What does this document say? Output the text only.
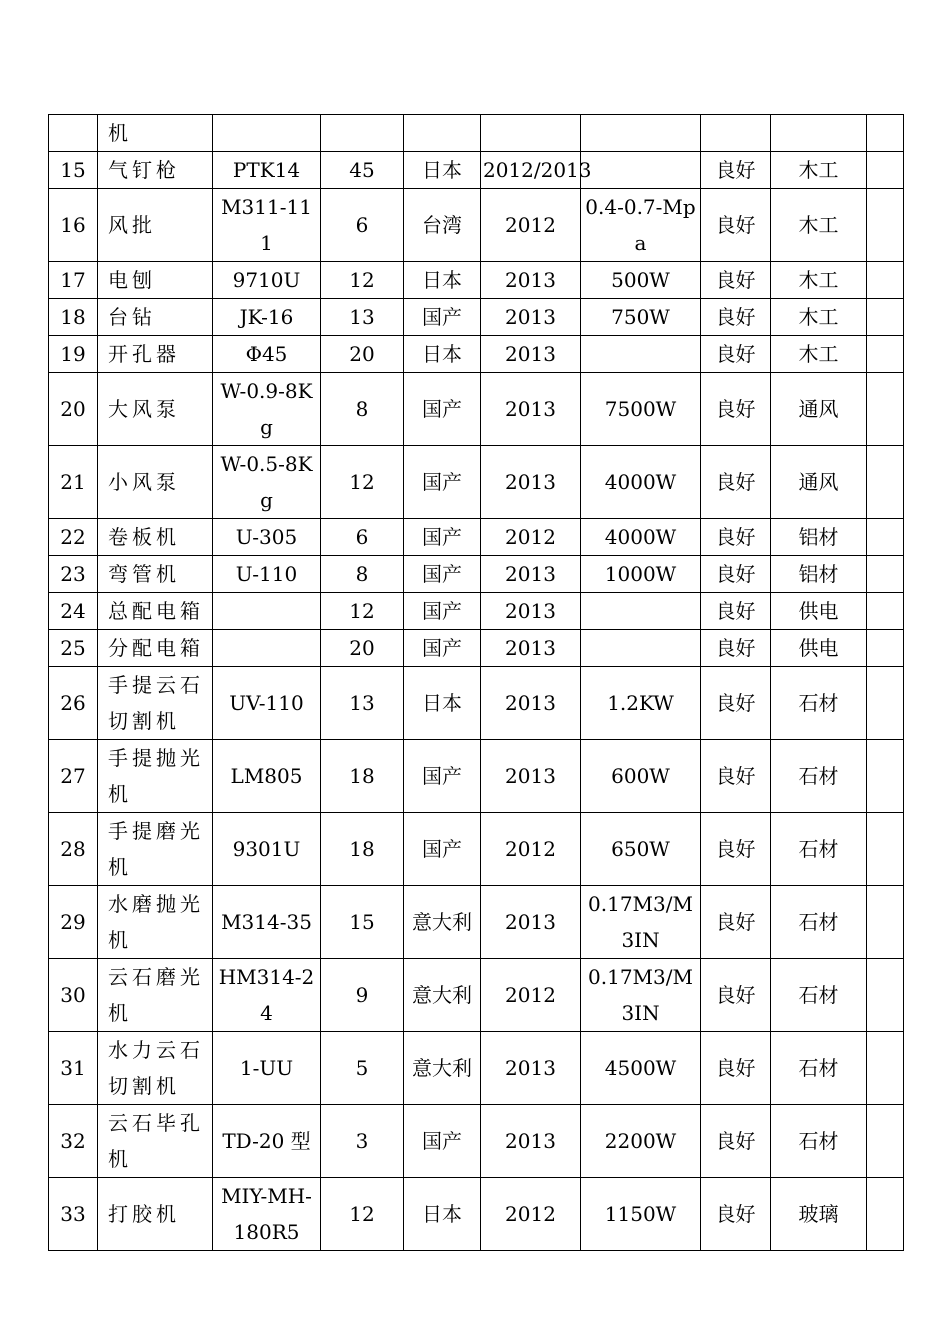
	机								
15	气钉枪	PTK14	45	日本	2012/2013		良好	木工	
16	风批	M311-111	6	台湾	2012	0.4-0.7-Mpa	良好	木工	
17	电刨	9710U	12	日本	2013	500W	良好	木工	
18	台钻	JK-16	13	国产	2013	750W	良好	木工	
19	开孔器	Φ45	20	日本	2013		良好	木工	
20	大风泵	W-0.9-8Kg	8	国产	2013	7500W	良好	通风	
21	小风泵	W-0.5-8Kg	12	国产	2013	4000W	良好	通风	
22	卷板机	U-305	6	国产	2012	4000W	良好	铝材	
23	弯管机	U-110	8	国产	2013	1000W	良好	铝材	
24	总配电箱		12	国产	2013		良好	供电	
25	分配电箱		20	国产	2013		良好	供电	
26	手提云石切割机	UV-110	13	日本	2013	1.2KW	良好	石材	
27	手提抛光机	LM805	18	国产	2013	600W	良好	石材	
28	手提磨光机	9301U	18	国产	2012	650W	良好	石材	
29	水磨抛光机	M314-35	15	意大利	2013	0.17M3/M3IN	良好	石材	
30	云石磨光机	HM314-24	9	意大利	2012	0.17M3/M3IN	良好	石材	
31	水力云石切割机	1-UU	5	意大利	2013	4500W	良好	石材	
32	云石毕孔机	TD-20 型	3	国产	2013	2200W	良好	石材	
33	打胶机	MIY-MH-180R5	12	日本	2012	1150W	良好	玻璃	
